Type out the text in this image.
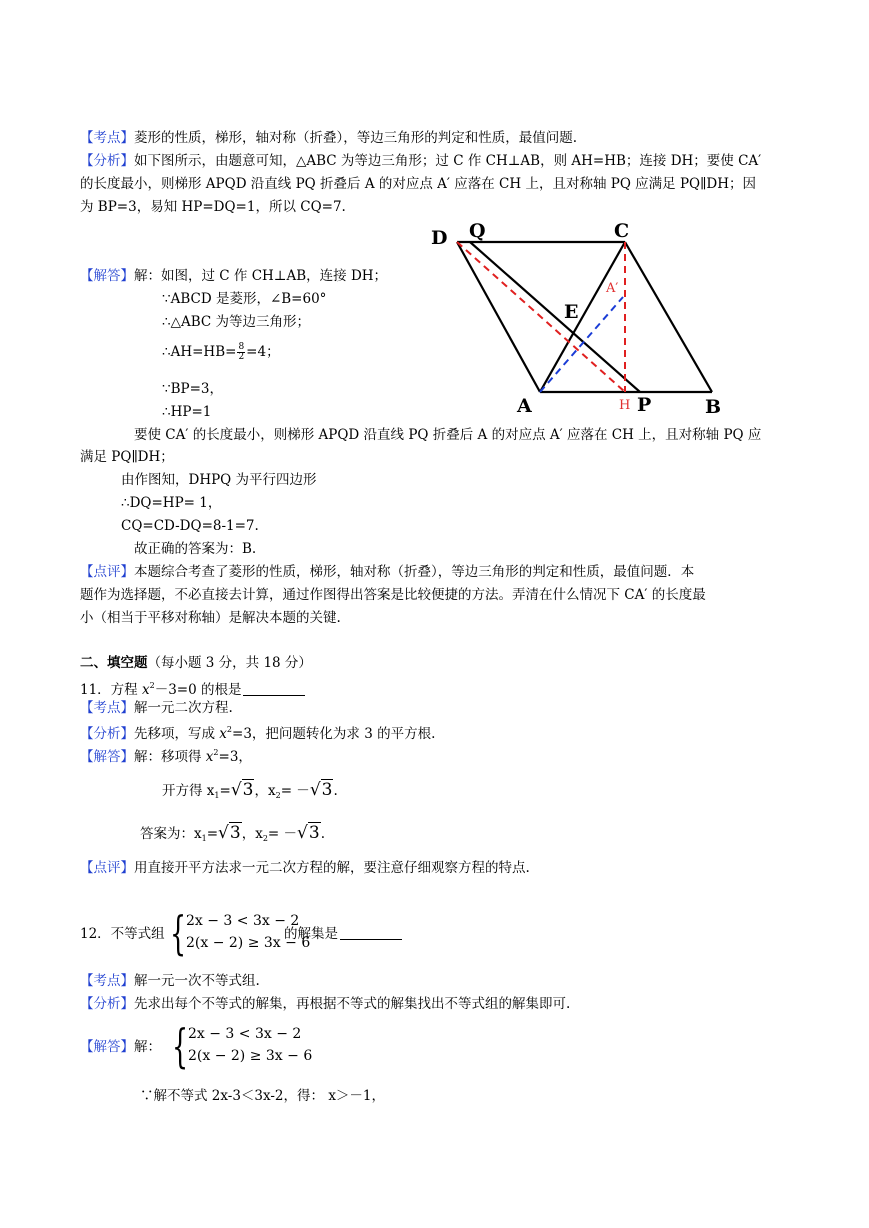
【考点】菱形的性质，梯形，轴对称（折叠），等边三角形的判定和性质，最值问题.
【分析】如下图所示，由题意可知，△ABC 为等边三角形；过 C 作 CH⊥AB，则 AH=HB；连接 DH；要使 CA′
的长度最小，则梯形 APQD 沿直线 PQ 折叠后 A 的对应点 A′ 应落在 CH 上，且对称轴 PQ 应满足 PQ∥DH；因
为 BP=3，易知 HP=DQ=1，所以 CQ=7.
【解答】解：如图，过 C 作 CH⊥AB，连接 DH；
∵ABCD 是菱形，∠B=60°
∴△ABC 为等边三角形；
∴AH=HB= $\frac{8}{2} =4$；
∵BP=3，
∴HP=1
D Q	C
A′
E
A	H P	B
要使 CA′ 的长度最小，则梯形 APQD 沿直线 PQ 折叠后 A 的对应点 A′ 应落在 CH 上，且对称轴 PQ 应
满足 PQ∥DH；
由作图知，DHPQ 为平行四边形
∴DQ=HP= 1，
CQ=CD-DQ=8-1=7.
故正确的答案为：B.
【点评】本题综合考查了菱形的性质，梯形，轴对称（折叠），等边三角形的判定和性质，最值问题．本
题作为选择题，不必直接去计算，通过作图得出答案是比较便捷的方法。弄清在什么情况下 CA′ 的长度最
小（相当于平移对称轴）是解决本题的关键.
二、填空题（每小题 3 分，共 18 分）
11．方程 $x^2-3=0$ 的根是
【考点】解一元二次方程.
【分析】先移项，写成 $x^2=3$，把问题转化为求 3 的平方根.
【解答】解：移项得 $x^2=3$，
开方得 $x_1=√3$，$x_2= -√3$.
答案为：$x_1=√3$，$x_2= -√3$.
【点评】用直接开平方法求一元二次方程的解，要注意仔细观察方程的特点.
12．不等式组 { 2x − 3 < 3x − 2
2(x − 2) ≥ 3x − 6
的解集是
【考点】解一元一次不等式组.
【分析】先求出每个不等式的解集，再根据不等式的解集找出不等式组的解集即可.
【解答】解： { 2x − 3 < 3x − 2
2(x − 2) ≥ 3x − 6
∵解不等式 2x-3＜3x-2，得： x＞－1，
